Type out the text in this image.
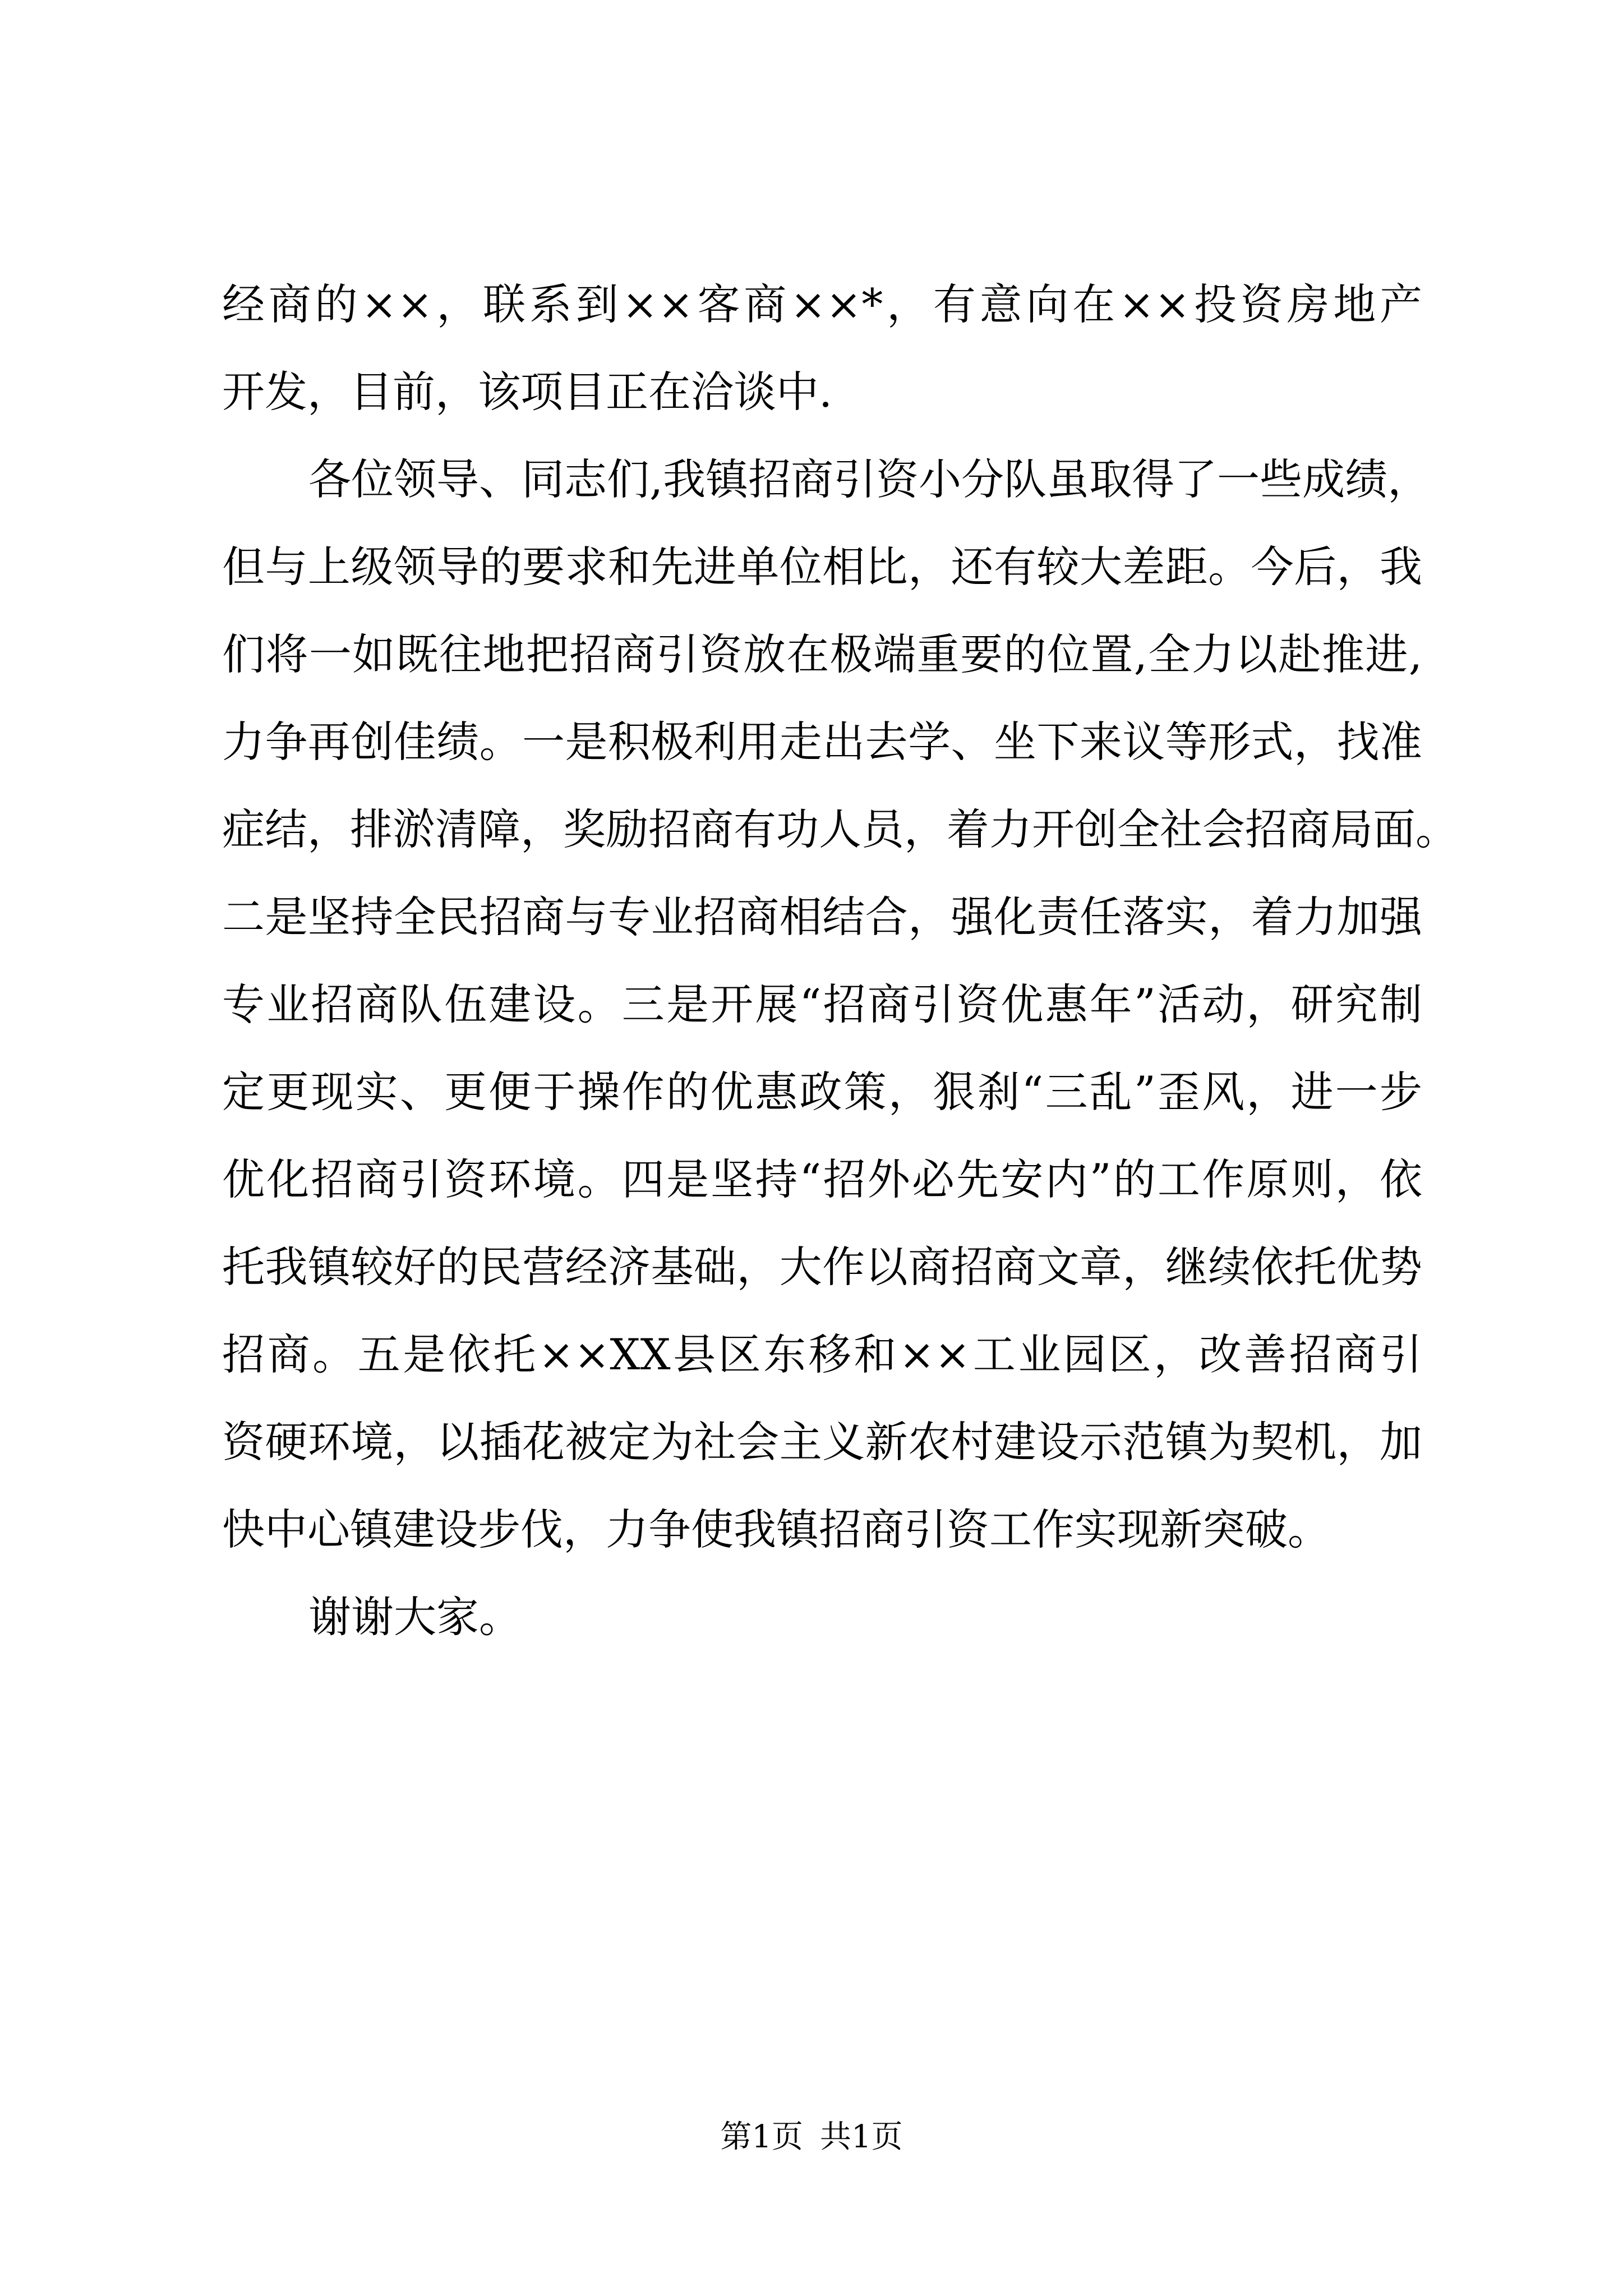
经商的××，联系到××客商××*，有意向在××投资房地产
开发，目前，该项目正在洽谈中.
各位领导、同志们,我镇招商引资小分队虽取得了一些成绩，
但与上级领导的要求和先进单位相比，还有较大差距。今后，我
们将一如既往地把招商引资放在极端重要的位置,全力以赴推进,
力争再创佳绩。一是积极利用走出去学、坐下来议等形式，找准
症结，排淤清障，奖励招商有功人员，着力开创全社会招商局面。
二是坚持全民招商与专业招商相结合，强化责任落实，着力加强
专业招商队伍建设。三是开展“招商引资优惠年”活动，研究制
定更现实、更便于操作的优惠政策，狠刹“三乱”歪风，进一步
优化招商引资环境。四是坚持“招外必先安内”的工作原则，依
托我镇较好的民营经济基础，大作以商招商文章，继续依托优势
招商。五是依托××XX县区东移和××工业园区，改善招商引
资硬环境，以插花被定为社会主义新农村建设示范镇为契机，加
快中心镇建设步伐，力争使我镇招商引资工作实现新突破。
谢谢大家。
第1页 共1页
